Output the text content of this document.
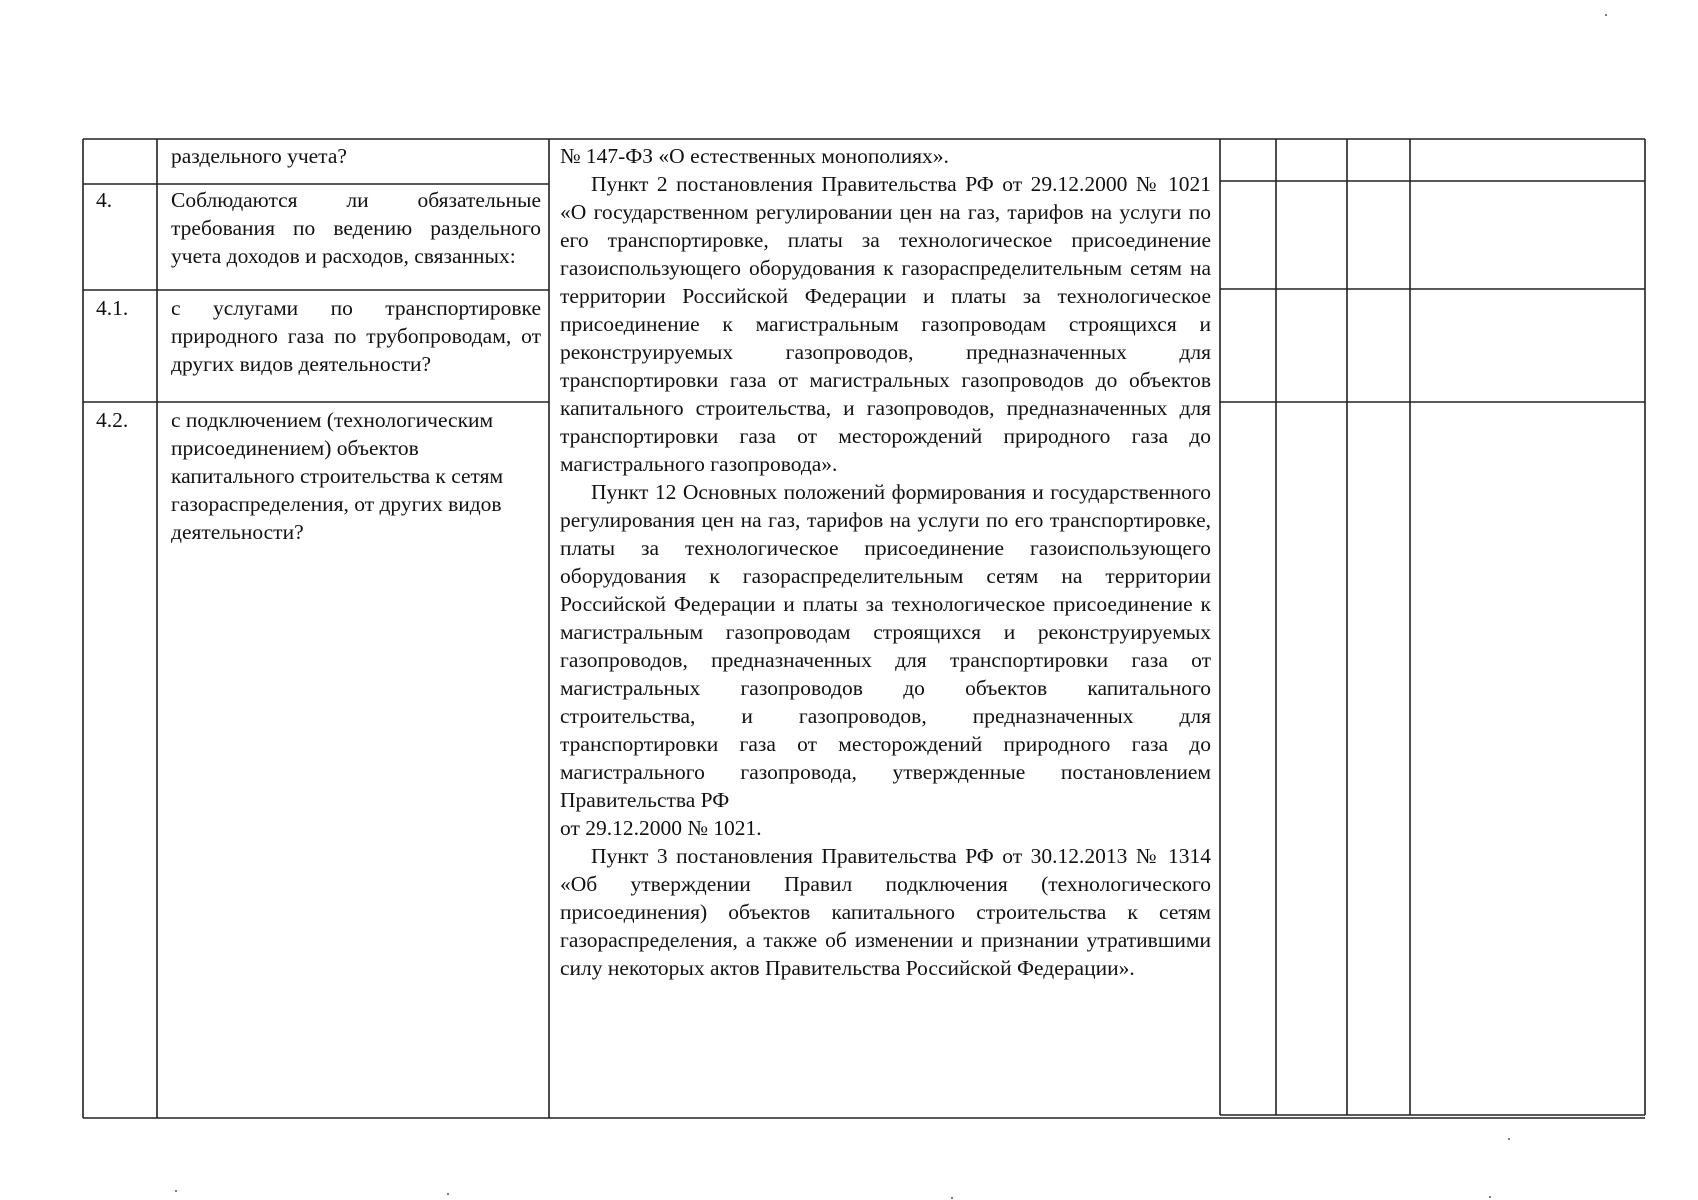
раздельного учета?
4.	Соблюдаются ли обязательные требования по ведению раздельного учета доходов и расходов, связанных:
4.1.	с услугами по транспортировке природного газа по трубопроводам, от других видов деятельности?
4.2.	с подключением (технологическим присоединением) объектов капитального строительства к сетям газораспределения, от других видов деятельности?

№ 147-ФЗ «О естественных монополиях».

Пункт 2 постановления Правительства РФ от 29.12.2000 № 1021 «О государственном регулировании цен на газ, тарифов на услуги по его транспортировке, платы за технологическое присоединение газоиспользующего оборудования к газораспределительным сетям на территории Российской Федерации и платы за технологическое присоединение к магистральным газопроводам строящихся и реконструируемых газопроводов, предназначенных для транспортировки газа от магистральных газопроводов до объектов капитального строительства, и газопроводов, предназначенных для транспортировки газа от месторождений природного газа до магистрального газопровода».

Пункт 12 Основных положений формирования и государственного регулирования цен на газ, тарифов на услуги по его транспортировке, платы за технологическое присоединение газоиспользующего оборудования к газораспределительным сетям на территории Российской Федерации и платы за технологическое присоединение к магистральным газопроводам строящихся и реконструируемых газопроводов, предназначенных для транспортировки газа от магистральных газопроводов до объектов капитального строительства, и газопроводов, предназначенных для транспортировки газа от месторождений природного газа до магистрального газопровода, утвержденные постановлением Правительства РФ

от 29.12.2000 № 1021.

Пункт 3 постановления Правительства РФ от 30.12.2013 № 1314 «Об утверждении Правил подключения (технологического присоединения) объектов капитального строительства к сетям газораспределения, а также об изменении и признании утратившими силу некоторых актов Правительства Российской Федерации».
